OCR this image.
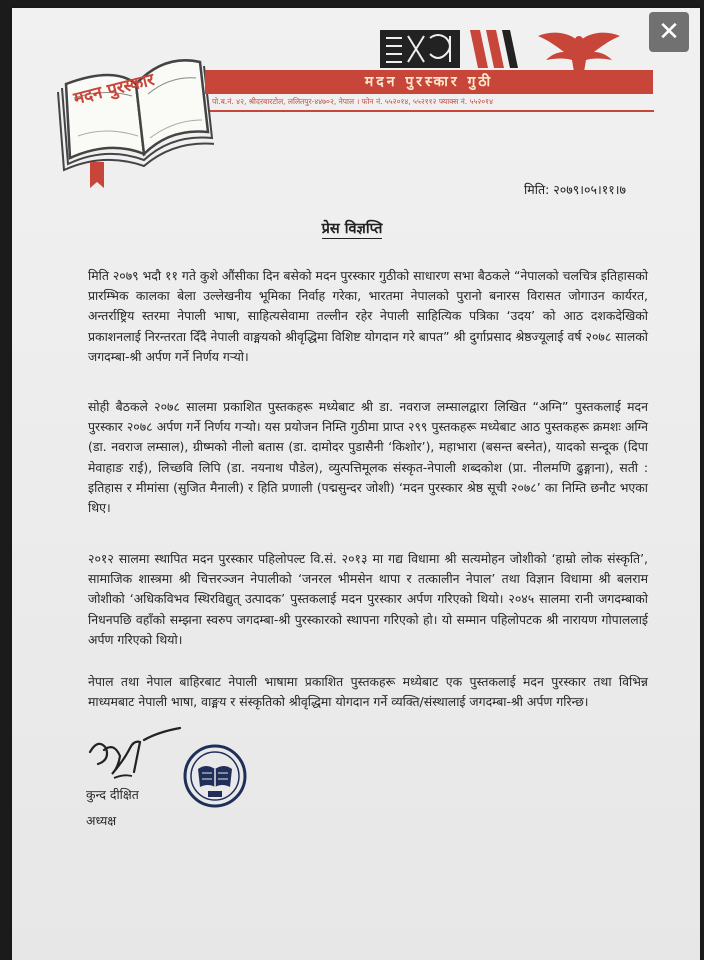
✕
मदन पुरस्कार	मदन पुरस्कार गुठी
पो.ब.नं. ४२, श्रीदरबारटोल, ललितपुर-४४७०२, नेपाल । फोन नं. ५५२०१४, ५५२११२ फ्याक्स नं. ५५२०१४
मिति: २०७९।०५।११।७
प्रेस विज्ञप्ति

मिति २०७९ भदौ ११ गते कुशे औंसीका दिन बसेको मदन पुरस्कार गुठीको साधारण सभा बैठकले “नेपालको चलचित्र इतिहासको प्रारम्भिक कालका बेला उल्लेखनीय भूमिका निर्वाह गरेका, भारतमा नेपालको पुरानो बनारस विरासत जोगाउन कार्यरत, अन्तर्राष्ट्रिय स्तरमा नेपाली भाषा, साहित्यसेवामा तल्लीन रहेर नेपाली साहित्यिक पत्रिका ‘उदय’ को आठ दशकदेखिको प्रकाशनलाई निरन्तरता दिँदै नेपाली वाङ्मयको श्रीवृद्धिमा विशिष्ट योगदान गरे बापत” श्री दुर्गाप्रसाद श्रेष्ठज्यूलाई वर्ष २०७८ सालको जगदम्बा-श्री अर्पण गर्ने निर्णय गर्‍यो।

सोही बैठकले २०७८ सालमा प्रकाशित पुस्तकहरू मध्येबाट श्री डा. नवराज लम्सालद्वारा लिखित “अग्नि” पुस्तकलाई मदन पुरस्कार २०७८ अर्पण गर्ने निर्णय गर्‍यो। यस प्रयोजन निम्ति गुठीमा प्राप्त २९९ पुस्तकहरू मध्येबाट आठ पुस्तकहरू क्रमशः अग्नि (डा. नवराज लम्साल), ग्रीष्मको नीलो बतास (डा. दामोदर पुडासैनी ‘किशोर’), महाभारा (बसन्त बस्नेत), यादको सन्दूक (दिपा मेवाहाङ राई), लिच्छवि लिपि (डा. नयनाथ पौडेल), व्युत्पत्तिमूलक संस्कृत-नेपाली शब्दकोश (प्रा. नीलमणि ढुङ्गाना), सती : इतिहास र मीमांसा (सुजित मैनाली) र हिति प्रणाली (पद्मसुन्दर जोशी) ‘मदन पुरस्कार श्रेष्ठ सूची २०७८’ का निम्ति छनौट भएका थिए।

२०१२ सालमा स्थापित मदन पुरस्कार पहिलोपल्ट वि.सं. २०१३ मा गद्य विधामा श्री सत्यमोहन जोशीको ‘हाम्रो लोक संस्कृति’, सामाजिक शास्त्रमा श्री चित्तरञ्जन नेपालीको ‘जनरल भीमसेन थापा र तत्कालीन नेपाल’ तथा विज्ञान विधामा श्री बलराम जोशीको ‘अधिकविभव स्थिरविद्युत् उत्पादक’ पुस्तकलाई मदन पुरस्कार अर्पण गरिएको थियो। २०४५ सालमा रानी जगदम्बाको निधनपछि वहाँको सम्झना स्वरुप जगदम्बा-श्री पुरस्कारको स्थापना गरिएको हो। यो सम्मान पहिलोपटक श्री नारायण गोपाललाई अर्पण गरिएको थियो।

नेपाल तथा नेपाल बाहिरबाट नेपाली भाषामा प्रकाशित पुस्तकहरू मध्येबाट एक पुस्तकलाई मदन पुरस्कार तथा विभिन्न माध्यमबाट नेपाली भाषा, वाङ्मय र संस्कृतिको श्रीवृद्धिमा योगदान गर्ने व्यक्ति/संस्थालाई जगदम्बा-श्री अर्पण गरिन्छ।

कुन्द दीक्षित
अध्यक्ष
